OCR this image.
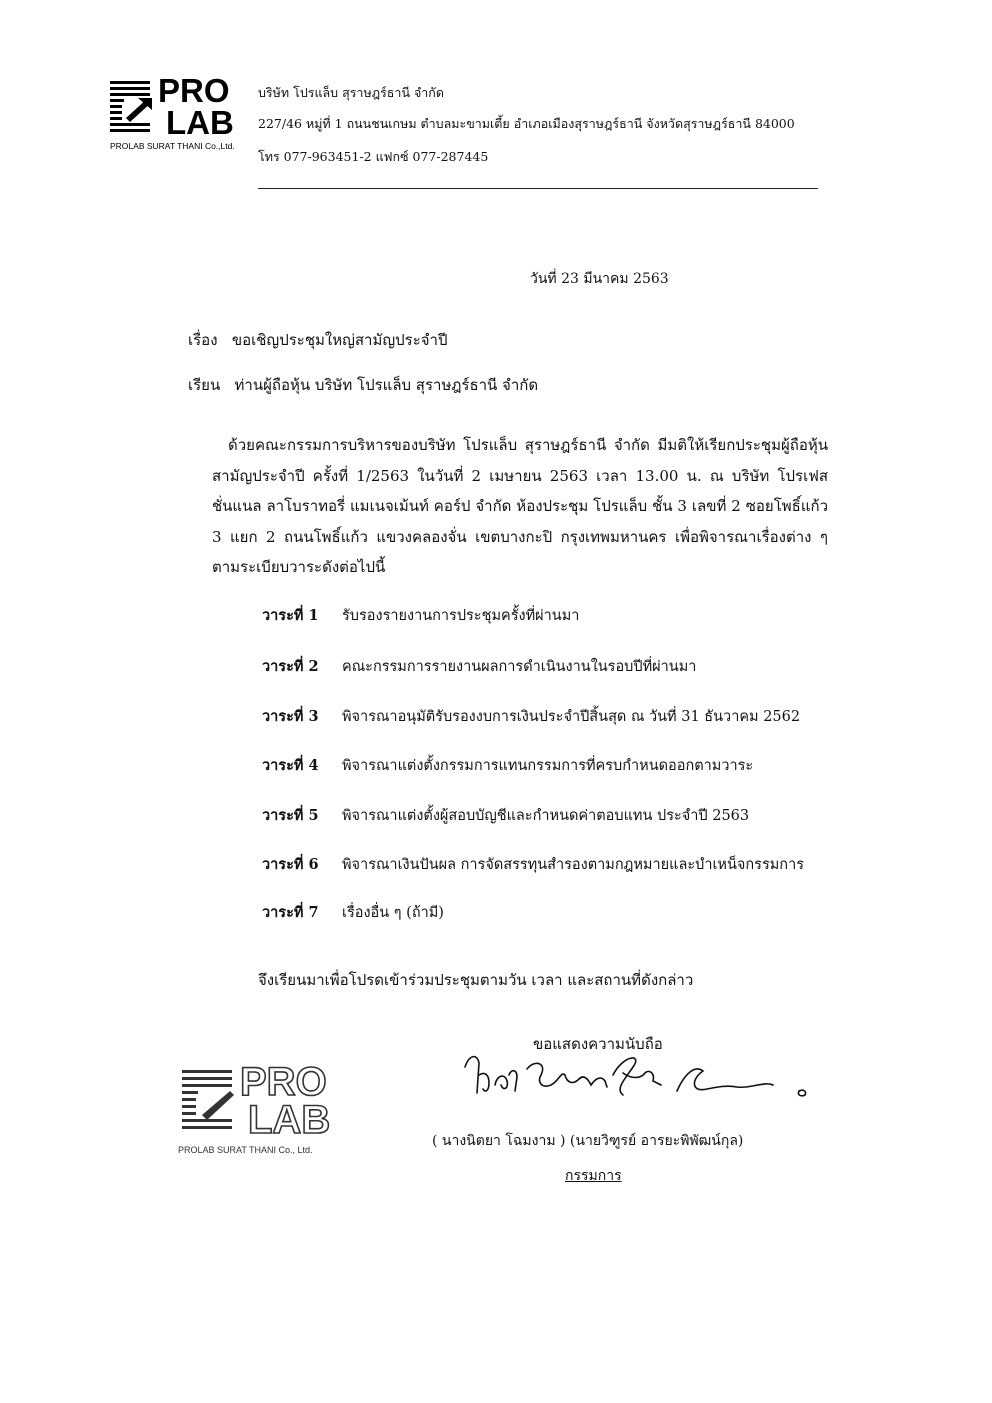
PRO
LAB
PROLAB SURAT THANI Co.,Ltd.
บริษัท โปรแล็บ สุราษฎร์ธานี จำกัด
227/46 หมู่ที่ 1 ถนนชนเกษม ตำบลมะขามเตี้ย อำเภอเมืองสุราษฎร์ธานี จังหวัดสุราษฎร์ธานี 84000
โทร 077-963451-2 แฟกซ์ 077-287445
วันที่ 23 มีนาคม 2563
เรื่อง ขอเชิญประชุมใหญ่สามัญประจำปี
เรียน ท่านผู้ถือหุ้น บริษัท โปรแล็บ สุราษฎร์ธานี จำกัด
ด้วยคณะกรรมการบริหารของบริษัท โปรแล็บ สุราษฎร์ธานี จำกัด มีมติให้เรียกประชุมผู้ถือหุ้นสามัญประจำปี ครั้งที่ 1/2563 ในวันที่ 2 เมษายน 2563 เวลา 13.00 น. ณ บริษัท โปรเฟสชั่นแนล ลาโบราทอรี่ แมเนจเม้นท์ คอร์ป จำกัด ห้องประชุม โปรแล็บ ชั้น 3 เลขที่ 2 ซอยโพธิ์แก้ว 3 แยก 2 ถนนโพธิ์แก้ว แขวงคลองจั่น เขตบางกะปิ กรุงเทพมหานคร เพื่อพิจารณาเรื่องต่าง ๆ ตามระเบียบวาระดังต่อไปนี้
วาระที่ 1 รับรองรายงานการประชุมครั้งที่ผ่านมา
วาระที่ 2 คณะกรรมการรายงานผลการดำเนินงานในรอบปีที่ผ่านมา
วาระที่ 3 พิจารณาอนุมัติรับรองงบการเงินประจำปีสิ้นสุด ณ วันที่ 31 ธันวาคม 2562
วาระที่ 4 พิจารณาแต่งตั้งกรรมการแทนกรรมการที่ครบกำหนดออกตามวาระ
วาระที่ 5 พิจารณาแต่งตั้งผู้สอบบัญชีและกำหนดค่าตอบแทน ประจำปี 2563
วาระที่ 6 พิจารณาเงินปันผล การจัดสรรทุนสำรองตามกฎหมายและบำเหน็จกรรมการ
วาระที่ 7 เรื่องอื่น ๆ (ถ้ามี)
จึงเรียนมาเพื่อโปรดเข้าร่วมประชุมตามวัน เวลา และสถานที่ดังกล่าว
ขอแสดงความนับถือ
( นางนิตยา โฉมงาม ) (นายวิฑูรย์ อารยะพิพัฒน์กุล)
กรรมการ
PRO
LAB
PROLAB SURAT THANI Co., Ltd.
